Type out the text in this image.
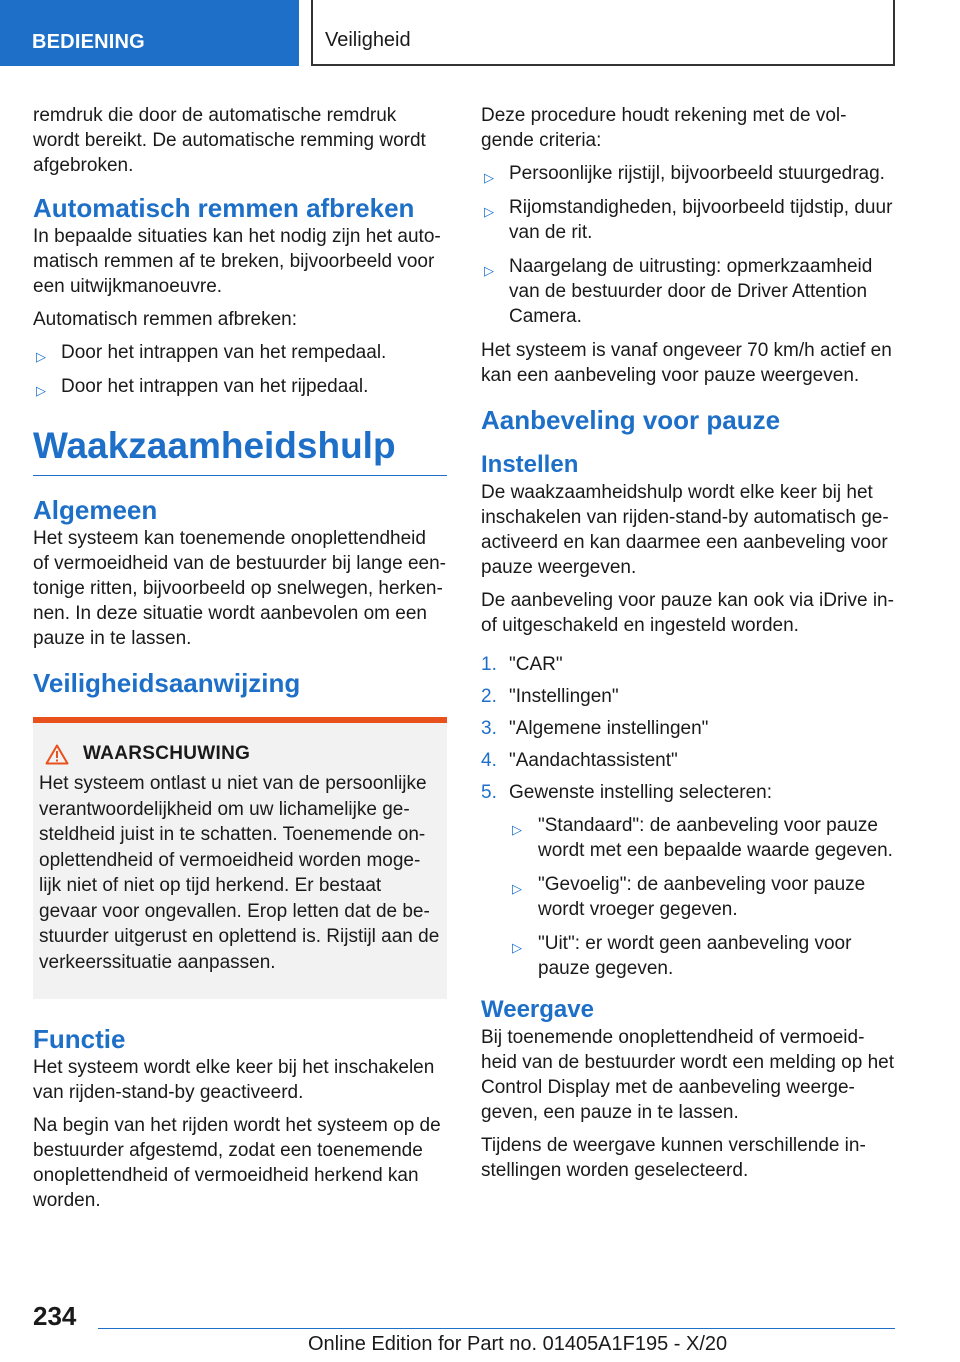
BEDIENING	Veiligheid

remdruk die door de automatische remdruk wordt bereikt. De automatische remming wordt afgebroken.

Automatisch remmen afbreken

In bepaalde situaties kan het nodig zijn het auto-matisch remmen af te breken, bijvoorbeeld voor een uitwijkmanoeuvre.

Automatisch remmen afbreken:

▷ Door het intrappen van het rempedaal.
▷ Door het intrappen van het rijpedaal.
Waakzaamheidshulp
Algemeen

Het systeem kan toenemende onoplettendheid of vermoeidheid van de bestuurder bij lange een-tonige ritten, bijvoorbeeld op snelwegen, herken-nen. In deze situatie wordt aanbevolen om een pauze in te lassen.

Veiligheidsaanwijzing
WAARSCHUWING

Het systeem ontlast u niet van de persoonlijke verantwoordelijkheid om uw lichamelijke ge-steldheid juist in te schatten. Toenemende on-oplettendheid of vermoeidheid worden moge-lijk niet of niet op tijd herkend. Er bestaat gevaar voor ongevallen. Erop letten dat de be-stuurder uitgerust en oplettend is. Rijstijl aan de verkeerssituatie aanpassen.

Functie

Het systeem wordt elke keer bij het inschakelen van rijden-stand-by geactiveerd.

Na begin van het rijden wordt het systeem op de bestuurder afgestemd, zodat een toenemende onoplettendheid of vermoeidheid herkend kan worden.

Deze procedure houdt rekening met de vol-gende criteria:

▷ Persoonlijke rijstijl, bijvoorbeeld stuurgedrag.
▷ Rijomstandigheden, bijvoorbeeld tijdstip, duur van de rit.
▷ Naargelang de uitrusting: opmerkzaamheid van de bestuurder door de Driver Attention Camera.

Het systeem is vanaf ongeveer 70 km/h actief en kan een aanbeveling voor pauze weergeven.

Aanbeveling voor pauze
Instellen

De waakzaamheidshulp wordt elke keer bij het inschakelen van rijden-stand-by automatisch ge-activeerd en kan daarmee een aanbeveling voor pauze weergeven.

De aanbeveling voor pauze kan ook via iDrive in-of uitgeschakeld en ingesteld worden.

1. "CAR"
2. "Instellingen"
3. "Algemene instellingen"
4. "Aandachtassistent"
5. Gewenste instelling selecteren:
▷ "Standaard": de aanbeveling voor pauze wordt met een bepaalde waarde gegeven.
▷ "Gevoelig": de aanbeveling voor pauze wordt vroeger gegeven.
▷ "Uit": er wordt geen aanbeveling voor pauze gegeven.
Weergave

Bij toenemende onoplettendheid of vermoeid-heid van de bestuurder wordt een melding op het Control Display met de aanbeveling weerge-geven, een pauze in te lassen.

Tijdens de weergave kunnen verschillende in-stellingen worden geselecteerd.

234
Online Edition for Part no. 01405A1F195 - X/20
